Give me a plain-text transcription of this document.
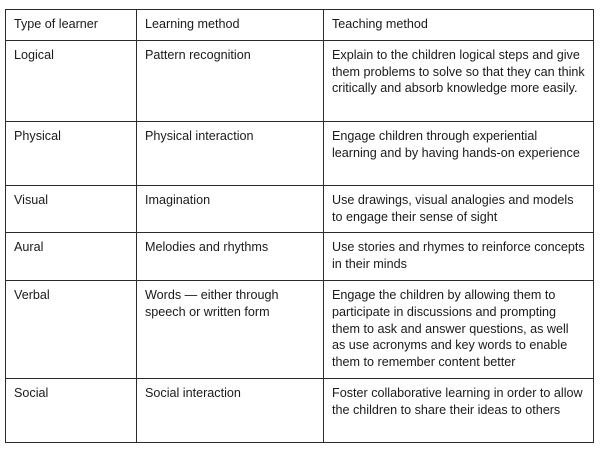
Type of learner	Learning method	Teaching method
Logical	Pattern recognition	Explain to the children logical steps and give them problems to solve so that they can think critically and absorb knowledge more easily.
Physical	Physical interaction	Engage children through experiential learning and by having hands-on experience
Visual	Imagination	Use drawings, visual analogies and models to engage their sense of sight
Aural	Melodies and rhythms	Use stories and rhymes to reinforce concepts in their minds
Verbal	Words — either through speech or written form	Engage the children by allowing them to participate in discussions and prompting them to ask and answer questions, as well as use acronyms and key words to enable them to remember content better
Social	Social interaction	Foster collaborative learning in order to allow the children to share their ideas to others
